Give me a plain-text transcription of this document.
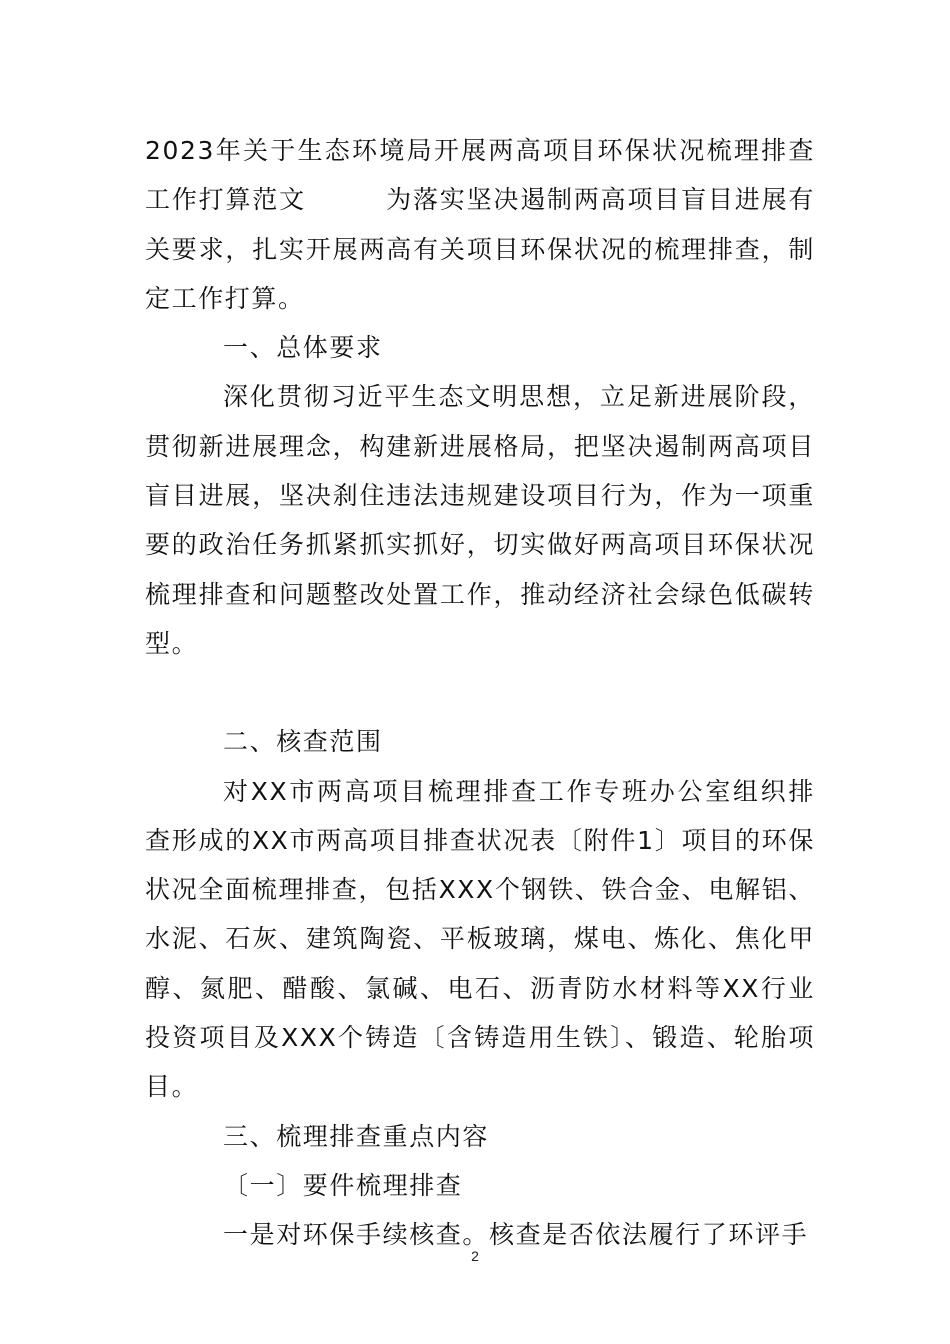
2023年关于生态环境局开展两高项目环保状况梳理排查工作打算范文	为落实坚决遏制两高项目盲目进展有关要求，扎实开展两高有关项目环保状况的梳理排查，制定工作打算。

一、总体要求

深化贯彻习近平生态文明思想，立足新进展阶段，贯彻新进展理念，构建新进展格局，把坚决遏制两高项目盲目进展，坚决刹住违法违规建设项目行为，作为一项重要的政治任务抓紧抓实抓好，切实做好两高项目环保状况梳理排查和问题整改处置工作，推动经济社会绿色低碳转型。

二、核查范围

对XX市两高项目梳理排查工作专班办公室组织排查形成的XX市两高项目排查状况表〔附件1〕项目的环保状况全面梳理排查，包括XXX个钢铁、铁合金、电解铝、水泥、石灰、建筑陶瓷、平板玻璃，煤电、炼化、焦化甲醇、氮肥、醋酸、氯碱、电石、沥青防水材料等XX行业投资项目及XXX个铸造〔含铸造用生铁〕、锻造、轮胎项目。

三、梳理排查重点内容

〔一〕要件梳理排查

一是对环保手续核查。核查是否依法履行了环评手

2
